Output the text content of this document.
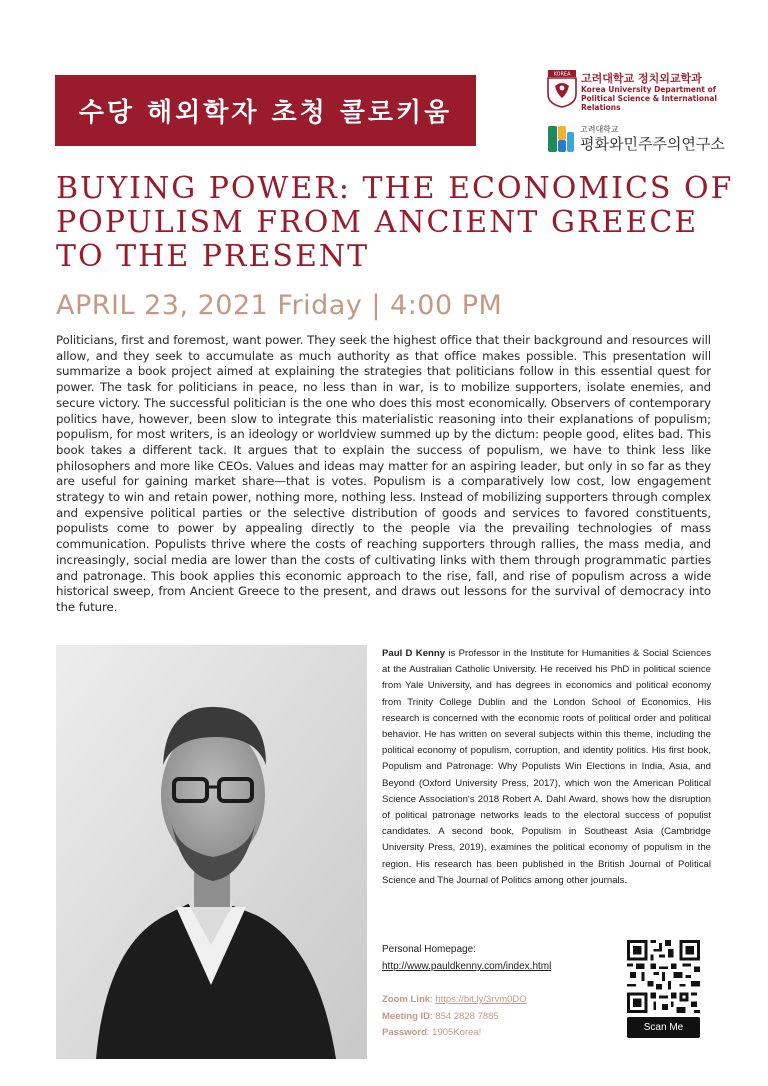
수당 해외학자 초청 콜로키움
KOREA 고려대학교 정치외교학과
Korea University Department of
Political Science & International Relations
고려대학교
평화와민주주의연구소
BUYING POWER: THE ECONOMICS OF POPULISM FROM ANCIENT GREECE TO THE PRESENT
APRIL 23, 2021 Friday | 4:00 PM

Politicians, first and foremost, want power. They seek the highest office that their background and resources will allow, and they seek to accumulate as much authority as that office makes possible. This presentation will summarize a book project aimed at explaining the strategies that politicians follow in this essential quest for power. The task for politicians in peace, no less than in war, is to mobilize supporters, isolate enemies, and secure victory. The successful politician is the one who does this most economically. Observers of contemporary politics have, however, been slow to integrate this materialistic reasoning into their explanations of populism; populism, for most writers, is an ideology or worldview summed up by the dictum: people good, elites bad. This book takes a different tack. It argues that to explain the success of populism, we have to think less like philosophers and more like CEOs. Values and ideas may matter for an aspiring leader, but only in so far as they are useful for gaining market share—that is votes. Populism is a comparatively low cost, low engagement strategy to win and retain power, nothing more, nothing less. Instead of mobilizing supporters through complex and expensive political parties or the selective distribution of goods and services to favored constituents, populists come to power by appealing directly to the people via the prevailing technologies of mass communication. Populists thrive where the costs of reaching supporters through rallies, the mass media, and increasingly, social media are lower than the costs of cultivating links with them through programmatic parties and patronage. This book applies this economic approach to the rise, fall, and rise of populism across a wide historical sweep, from Ancient Greece to the present, and draws out lessons for the survival of democracy into the future.

Paul D Kenny is Professor in the Institute for Humanities & Social Sciences at the Australian Catholic University. He received his PhD in political science from Yale University, and has degrees in economics and political economy from Trinity College Dublin and the London School of Economics. His research is concerned with the economic roots of political order and political behavior. He has written on several subjects within this theme, including the political economy of populism, corruption, and identity politics. His first book, Populism and Patronage: Why Populists Win Elections in India, Asia, and Beyond (Oxford University Press, 2017), which won the American Political Science Association's 2018 Robert A. Dahl Award, shows how the disruption of political patronage networks leads to the electoral success of populist candidates. A second book, Populism in Southeast Asia (Cambridge University Press, 2019), examines the political economy of populism in the region. His research has been published in the British Journal of Political Science and The Journal of Politics among other journals.
Personal Homepage:
http://www.pauldkenny.com/index.html
Zoom Link: https://bit.ly/3rvm0DO
Meeting ID: 854 2828 7885
Password: 1905Korea!	Scan Me
